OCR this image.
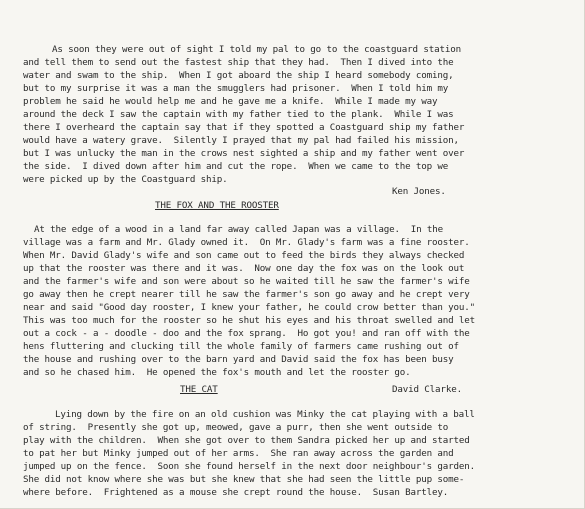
As soon they were out of sight I told my pal to go to the coastguard station
and tell them to send out the fastest ship that they had.  Then I dived into the
water and swam to the ship.  When I got aboard the ship I heard somebody coming,
but to my surprise it was a man the smugglers had prisoner.  When I told him my
problem he said he would help me and he gave me a knife.  While I made my way
around the deck I saw the captain with my father tied to the plank.  While I was
there I overheard the captain say that if they spotted a Coastguard ship my father
would have a watery grave.  Silently I prayed that my pal had failed his mission,
but I was unlucky the man in the crows nest sighted a ship and my father went over
the side.  I dived down after him and cut the rope.  When we came to the top we
were picked up by the Coastguard ship.
Ken Jones.
THE FOX AND THE ROOSTER
At the edge of a wood in a land far away called Japan was a village.  In the
village was a farm and Mr. Glady owned it.  On Mr. Glady's farm was a fine rooster.
When Mr. David Glady's wife and son came out to feed the birds they always checked
up that the rooster was there and it was.  Now one day the fox was on the look out
and the farmer's wife and son were about so he waited till he saw the farmer's wife
go away then he crept nearer till he saw the farmer's son go away and he crept very
near and said "Good day rooster, I knew your father, he could crow better than you."
This was too much for the rooster so he shut his eyes and his throat swelled and let
out a cock - a - doodle - doo and the fox sprang.  Ho got you! and ran off with the
hens fluttering and clucking till the whole family of farmers came rushing out of
the house and rushing over to the barn yard and David said the fox has been busy
and so he chased him.  He opened the fox's mouth and let the rooster go.
THE CAT	David Clarke.
Lying down by the fire on an old cushion was Minky the cat playing with a ball
of string.  Presently she got up, meowed, gave a purr, then she went outside to
play with the children.  When she got over to them Sandra picked her up and started
to pat her but Minky jumped out of her arms.  She ran away across the garden and
jumped up on the fence.  Soon she found herself in the next door neighbour's garden.
She did not know where she was but she knew that she had seen the little pup some-
where before.  Frightened as a mouse she crept round the house.  Susan Bartley.
